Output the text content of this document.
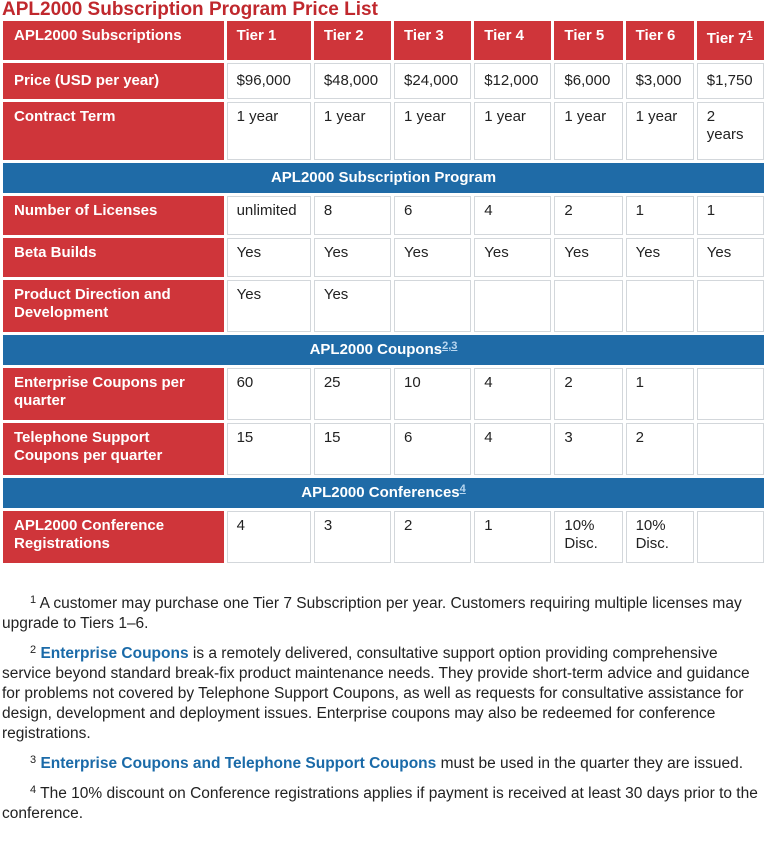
APL2000 Subscription Program Price List
APL2000 Subscriptions	Tier 1	Tier 2	Tier 3	Tier 4	Tier 5	Tier 6	Tier 7$^1$
Price (USD per year)	$96,000	$48,000	$24,000	$12,000	$6,000	$3,000	$1,750
Contract Term	1 year	1 year	1 year	1 year	1 year	1 year	2 years
APL2000 Subscription Program							
Number of Licenses	unlimited	8	6	4	2	1	1
Beta Builds	Yes	Yes	Yes	Yes	Yes	Yes	Yes
Product Direction and Development	Yes	Yes					
APL2000 Coupons$^{2,3}$
Enterprise Coupons per quarter	60	25	10	4	2	1	
Telephone Support Coupons per quarter	15	15	6	4	3	2	
APL2000 Conferences$^4$
APL2000 Conference Registrations	4	3	2	1	10% Disc.	10% Disc.	

$^1$ A customer may purchase one Tier 7 Subscription per year. Customers requiring multiple licenses may upgrade to Tiers 1–6.

$^2$ Enterprise Coupons is a remotely delivered, consultative support option providing comprehensive service beyond standard break-fix product maintenance needs. They provide short-term advice and guidance for problems not covered by Telephone Support Coupons, as well as requests for consultative assistance for design, development and deployment issues. Enterprise coupons may also be redeemed for conference registrations.

$^3$ Enterprise Coupons and Telephone Support Coupons must be used in the quarter they are issued.

$^4$ The 10% discount on Conference registrations applies if payment is received at least 30 days prior to the conference.
